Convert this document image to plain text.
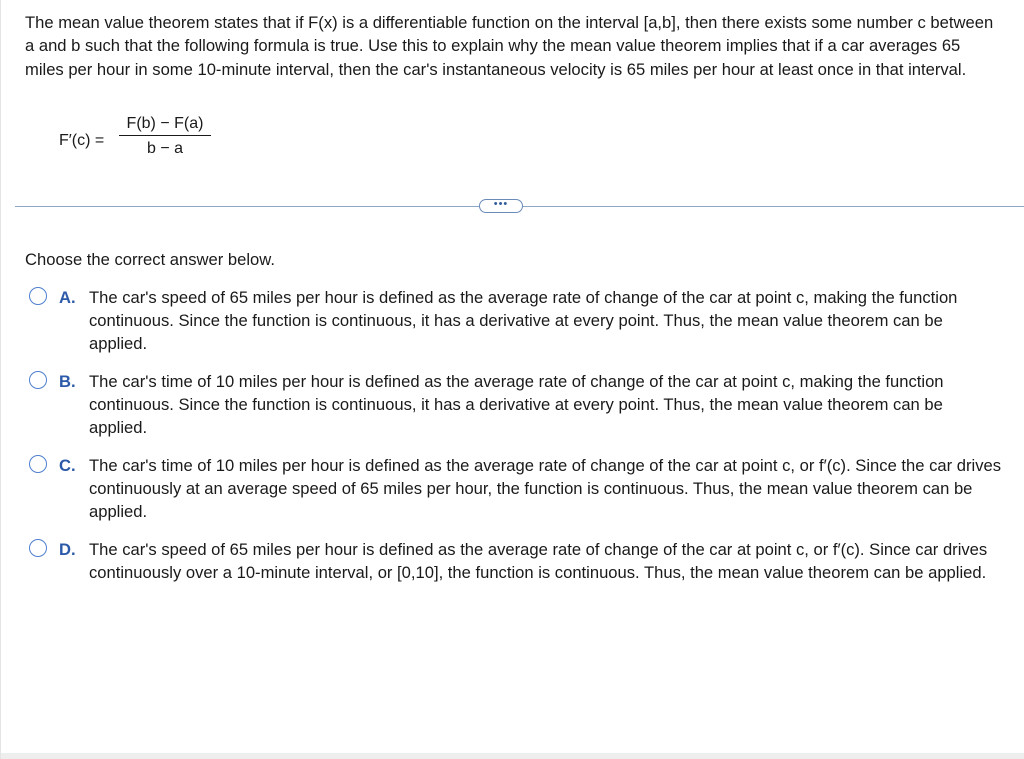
The mean value theorem states that if F(x) is a differentiable function on the interval [a,b], then there exists some number c between a and b such that the following formula is true. Use this to explain why the mean value theorem implies that if a car averages 65 miles per hour in some 10-minute interval, then the car's instantaneous velocity is 65 miles per hour at least once in that interval.
$F'(c) = \frac{F(b) - F(a)}{b - a}$
•••
Choose the correct answer below.
A. The car's speed of 65 miles per hour is defined as the average rate of change of the car at point c, making the function continuous. Since the function is continuous, it has a derivative at every point. Thus, the mean value theorem can be applied.
B. The car's time of 10 miles per hour is defined as the average rate of change of the car at point c, making the function continuous. Since the function is continuous, it has a derivative at every point. Thus, the mean value theorem can be applied.
C. The car's time of 10 miles per hour is defined as the average rate of change of the car at point c, or f′(c). Since the car drives continuously at an average speed of 65 miles per hour, the function is continuous. Thus, the mean value theorem can be applied.
D. The car's speed of 65 miles per hour is defined as the average rate of change of the car at point c, or f′(c). Since car drives continuously over a 10-minute interval, or [0,10], the function is continuous. Thus, the mean value theorem can be applied.
